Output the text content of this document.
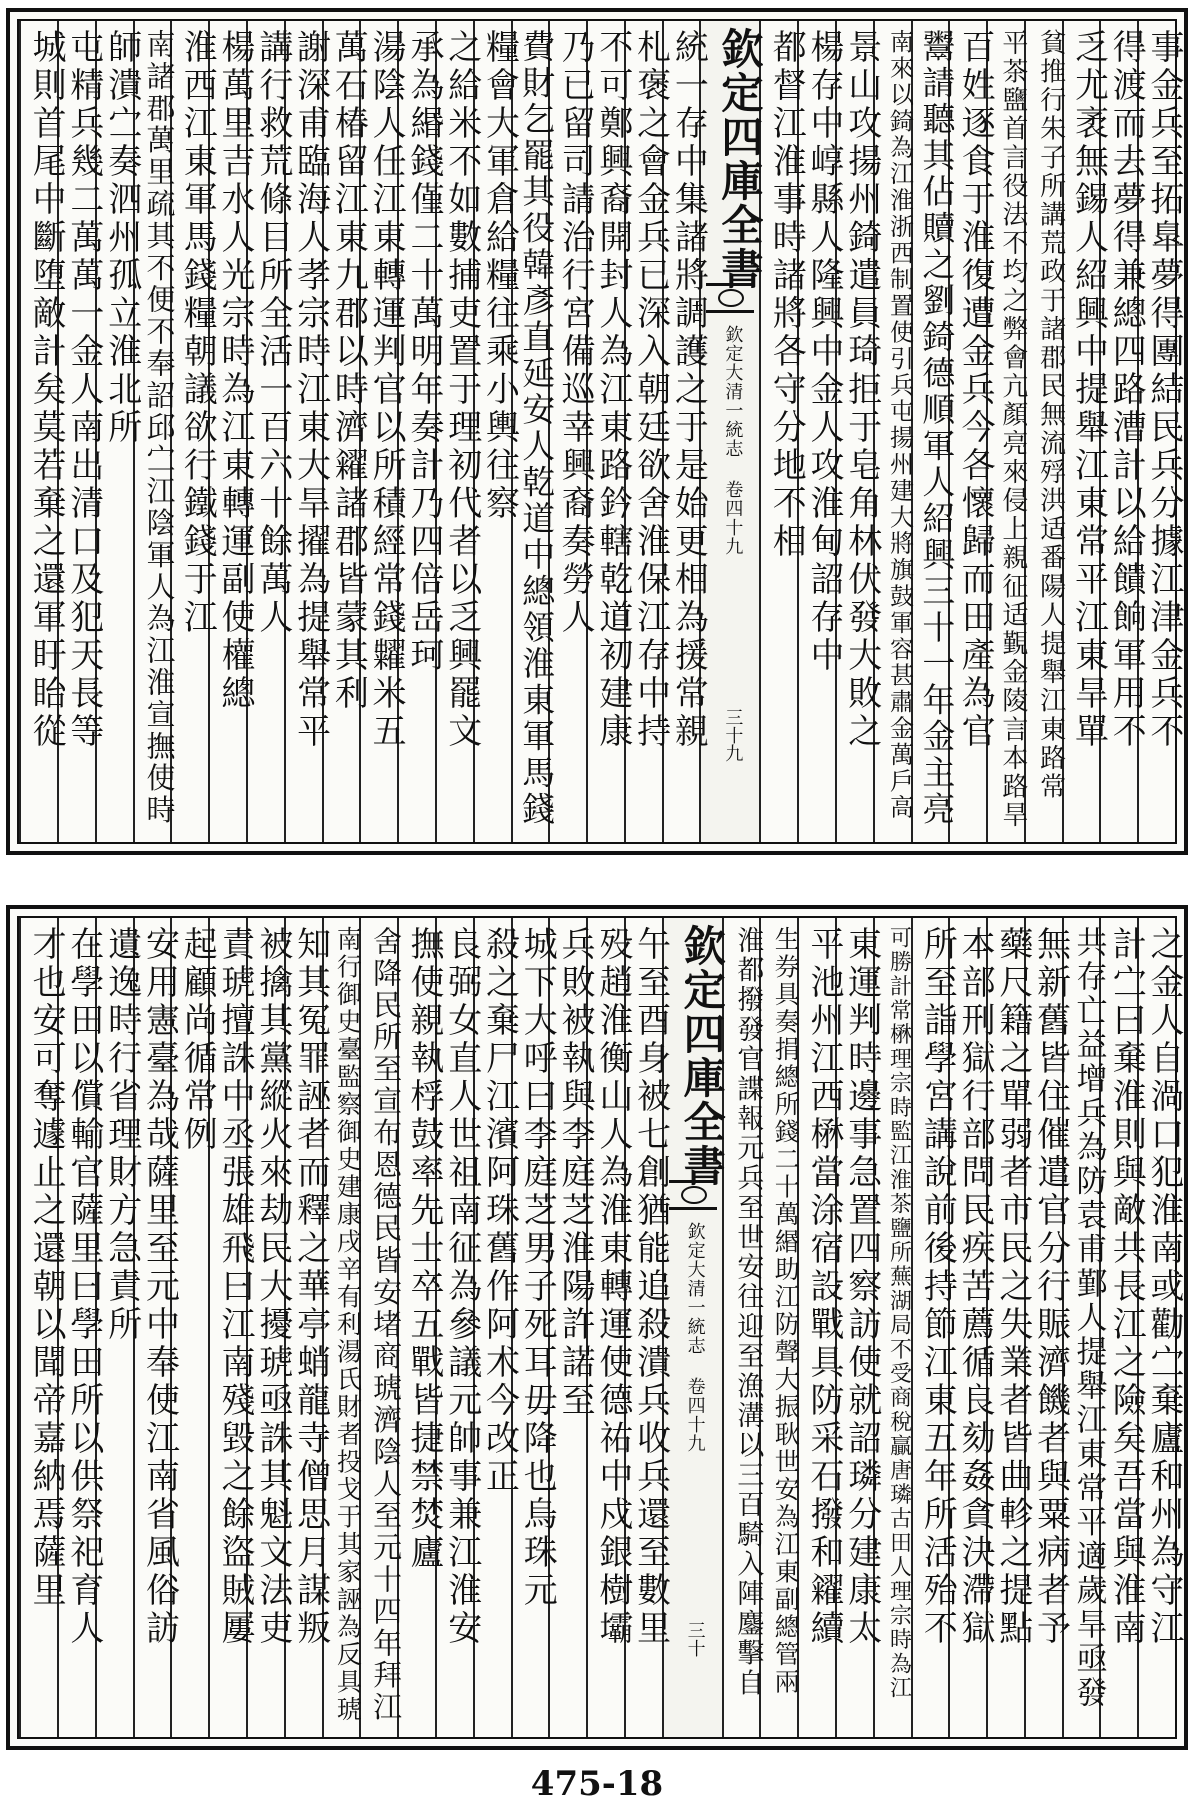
事金兵至拓臯夢得團結民兵分據江津金兵不
得渡而去夢得兼總四路漕計以給饋餉軍用不
乏尤袤無錫人紹興中提舉江東常平江東旱單
貧推行朱子所講荒政于諸郡民無流殍洪适番陽人提舉江東路常
平茶鹽首言役法不均之弊會亢顏亮來侵上親征适覲金陵言本路旱
百姓逐食于淮復遭金兵今各懷歸而田產為官
鬻請聽其佔贖之劉錡德順軍人紹興三十一年金主亮
南來以錡為江淮浙西制置使引兵屯揚州建大將旗鼓軍容甚肅金萬戶高
景山攻揚州錡遣員琦拒于皂角林伏發大敗之
楊存中崞縣人隆興中金人攻淮甸詔存中
都督江淮事時諸將各守分地不相
欽定四庫全書
欽定大清一統志 卷四十九
三十九
統一存中集諸將調護之于是始更相為援常親
札褒之會金兵已深入朝廷欲舍淮保江存中持
不可鄭興裔開封人為江東路鈐轄乾道初建康
乃已留司請治行宮備巡幸興裔奏勞人
費財乞罷其役韓彥直延安人乾道中總領淮東軍馬錢
糧會大軍倉給糧往乘小輿往察
之給米不如數捕吏置于理初代者以乏興罷文
承為緡錢僅二十萬明年奏計乃四倍岳珂
湯陰人任江東轉運判官以所積經常錢糶米五
萬石椿留江東九郡以時濟糴諸郡皆蒙其利
謝深甫臨海人孝宗時江東大旱擢為提舉常平
講行救荒條目所全活一百六十餘萬人
楊萬里吉水人光宗時為江東轉運副使權總
淮西江東軍馬錢糧朝議欲行鐵錢于江
南諸郡萬里疏其不便不奉詔邱㝉江陰軍人為江淮宣撫使時
師潰㝉奏泗州孤立淮北所
屯精兵幾二萬萬一金人南出清口及犯天長等
城則首尾中斷堕敵計矣莫若棄之還軍盱眙從
之金人自渦口犯淮南或勸㝉棄廬和州為守江
計㝉曰棄淮則與敵共長江之險矣吾當與淮南
共存亡益增兵為防袁甫鄞人提舉江東常平適歲旱亟發
無新舊皆住催遣官分行賑濟饑者與粟病者予
藥尺籍之單弱者市民之失業者皆曲軫之提點
本部刑獄行部問民疾苦薦循良劾姦貪決滯獄
所至詣學宮講說前後持節江東五年所活殆不
可勝計常楙理宗時監江淮茶鹽所蕪湖局不受商稅贏唐璘古田人理宗時為江
東運判時邊事急置四察訪使就詔璘分建康太
平池州江西楙當涂宿設戰具防采石撥和糴續
生券具奏捐總所錢二十萬緡助江防聲大振耿世安為江東副總管兩
淮都撥發官諜報元兵至世安往迎至漁溝以三百騎入陣鏖擊自
欽定四庫全書
欽定大清一統志 卷四十九
三十
午至酉身被七創猶能追殺潰兵收兵還至數里
殁趙淮衡山人為淮東轉運使德祐中戍銀樹壩
兵敗被執與李庭芝淮陽許諾至
城下大呼曰李庭芝男子死耳毋降也烏珠元
殺之棄尸江濱阿珠舊作阿术今改正
良弼女直人世祖南征為參議元帥事兼江淮安
撫使親執桴鼓率先士卒五戰皆捷禁焚廬
舍降民所至宣布恩德民皆安堵商琥濟陰人至元十四年拜江
南行御史臺監察御史建康戌辛有利湯氏財者投戈于其家誣為反具琥
知其冤罪誣者而釋之華亭蛸龍寺僧思月謀叛
被擒其黨縱火來劫民大擾琥亟誅其魁文法吏
責琥擅誅中丞張雄飛曰江南殘毀之餘盜賊屢
起顧尚循常例
安用憲臺為哉薩里至元中奉使江南省風俗訪
遺逸時行省理財方急責所
在學田以償輸官薩里曰學田所以供祭祀育人
才也安可奪遽止之還朝以聞帝嘉納焉薩里
475-18
